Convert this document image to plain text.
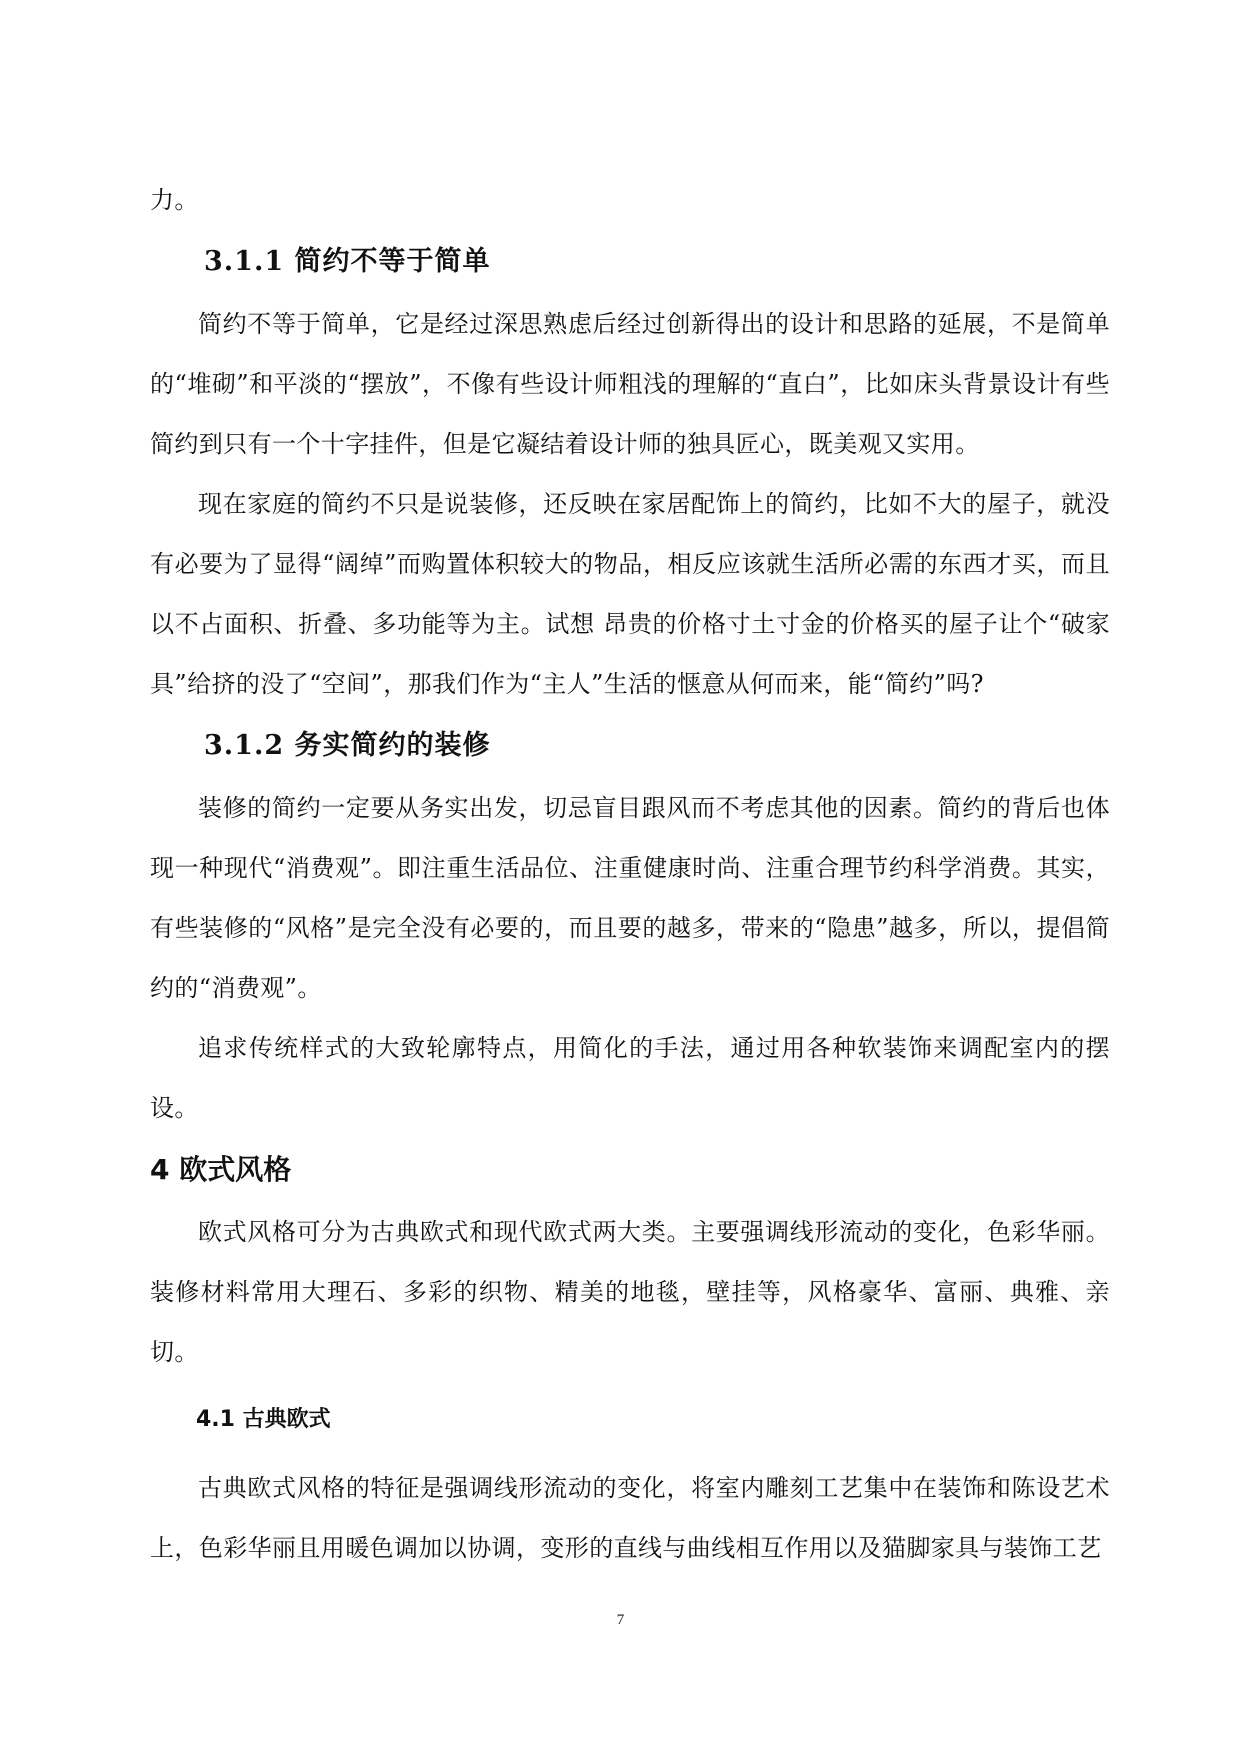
力。

3.1.1 简约不等于简单

简约不等于简单，它是经过深思熟虑后经过创新得出的设计和思路的延展，不是简单的“堆砌”和平淡的“摆放”，不像有些设计师粗浅的理解的“直白”，比如床头背景设计有些简约到只有一个十字挂件，但是它凝结着设计师的独具匠心，既美观又实用。

现在家庭的简约不只是说装修，还反映在家居配饰上的简约，比如不大的屋子，就没有必要为了显得“阔绰”而购置体积较大的物品，相反应该就生活所必需的东西才买，而且以不占面积、折叠、多功能等为主。试想 昂贵的价格寸土寸金的价格买的屋子让个“破家具”给挤的没了“空间”，那我们作为“主人”生活的惬意从何而来，能“简约”吗?

3.1.2 务实简约的装修

装修的简约一定要从务实出发，切忌盲目跟风而不考虑其他的因素。简约的背后也体现一种现代“消费观”。即注重生活品位、注重健康时尚、注重合理节约科学消费。其实，有些装修的“风格”是完全没有必要的，而且要的越多，带来的“隐患”越多，所以，提倡简约的“消费观”。

追求传统样式的大致轮廓特点，用简化的手法，通过用各种软装饰来调配室内的摆设。

4 欧式风格

欧式风格可分为古典欧式和现代欧式两大类。主要强调线形流动的变化，色彩华丽。装修材料常用大理石、多彩的织物、精美的地毯，壁挂等，风格豪华、富丽、典雅、亲切。

4.1 古典欧式

古典欧式风格的特征是强调线形流动的变化，将室内雕刻工艺集中在装饰和陈设艺术上，色彩华丽且用暖色调加以协调，变形的直线与曲线相互作用以及猫脚家具与装饰工艺

7
